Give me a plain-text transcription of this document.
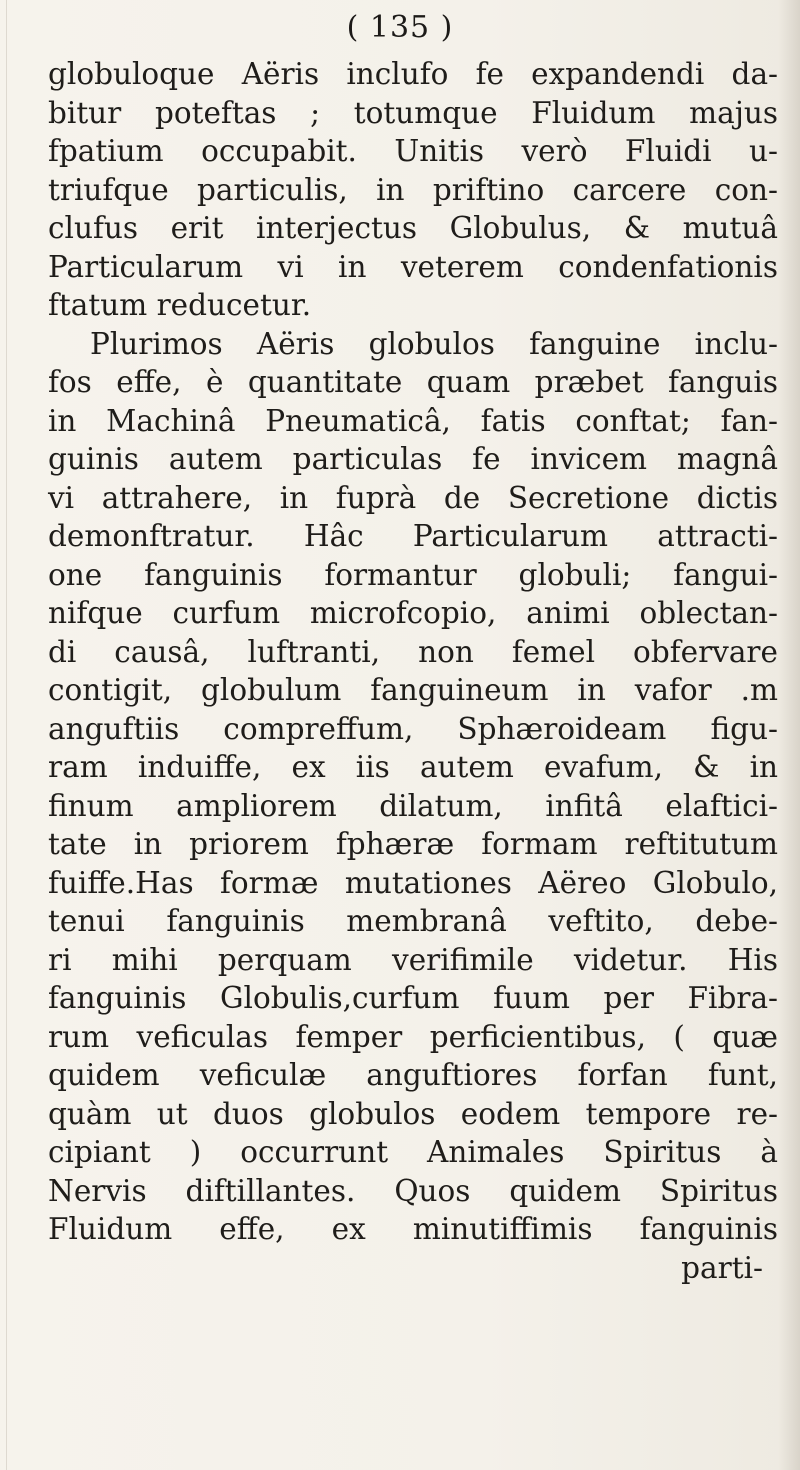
( 135 )
globuloque Aëris inclufo fe expandendi da-
bitur poteftas ; totumque Fluidum majus
fpatium occupabit. Unitis verò Fluidi u-
triufque particulis, in priftino carcere con-
clufus erit interjectus Globulus, & mutuâ
Particularum vi in veterem condenfationis
ftatum reducetur.
Plurimos Aëris globulos fanguine inclu-
fos effe, è quantitate quam præbet fanguis
in Machinâ Pneumaticâ, fatis conftat; fan-
guinis autem particulas fe invicem magnâ
vi attrahere, in fuprà de Secretione dictis
demonftratur. Hâc Particularum attracti-
one fanguinis formantur globuli; fangui-
nifque curfum microfcopio, animi oblectan-
di causâ, luftranti, non femel obfervare
contigit, globulum fanguineum in vafor .m
anguftiis compreffum, Sphæroideam figu-
ram induiffe, ex iis autem evafum, & in
finum ampliorem dilatum, infitâ elaftici-
tate in priorem fphæræ formam reftitutum
fuiffe.Has formæ mutationes Aëreo Globulo,
tenui fanguinis membranâ veftito, debe-
ri mihi perquam verifimile videtur. His
fanguinis Globulis,curfum fuum per Fibra-
rum veficulas femper perficientibus, ( quæ
quidem veficulæ anguftiores forfan funt,
quàm ut duos globulos eodem tempore re-
cipiant ) occurrunt Animales Spiritus à
Nervis diftillantes. Quos quidem Spiritus
Fluidum effe, ex minutiffimis fanguinis
parti-
